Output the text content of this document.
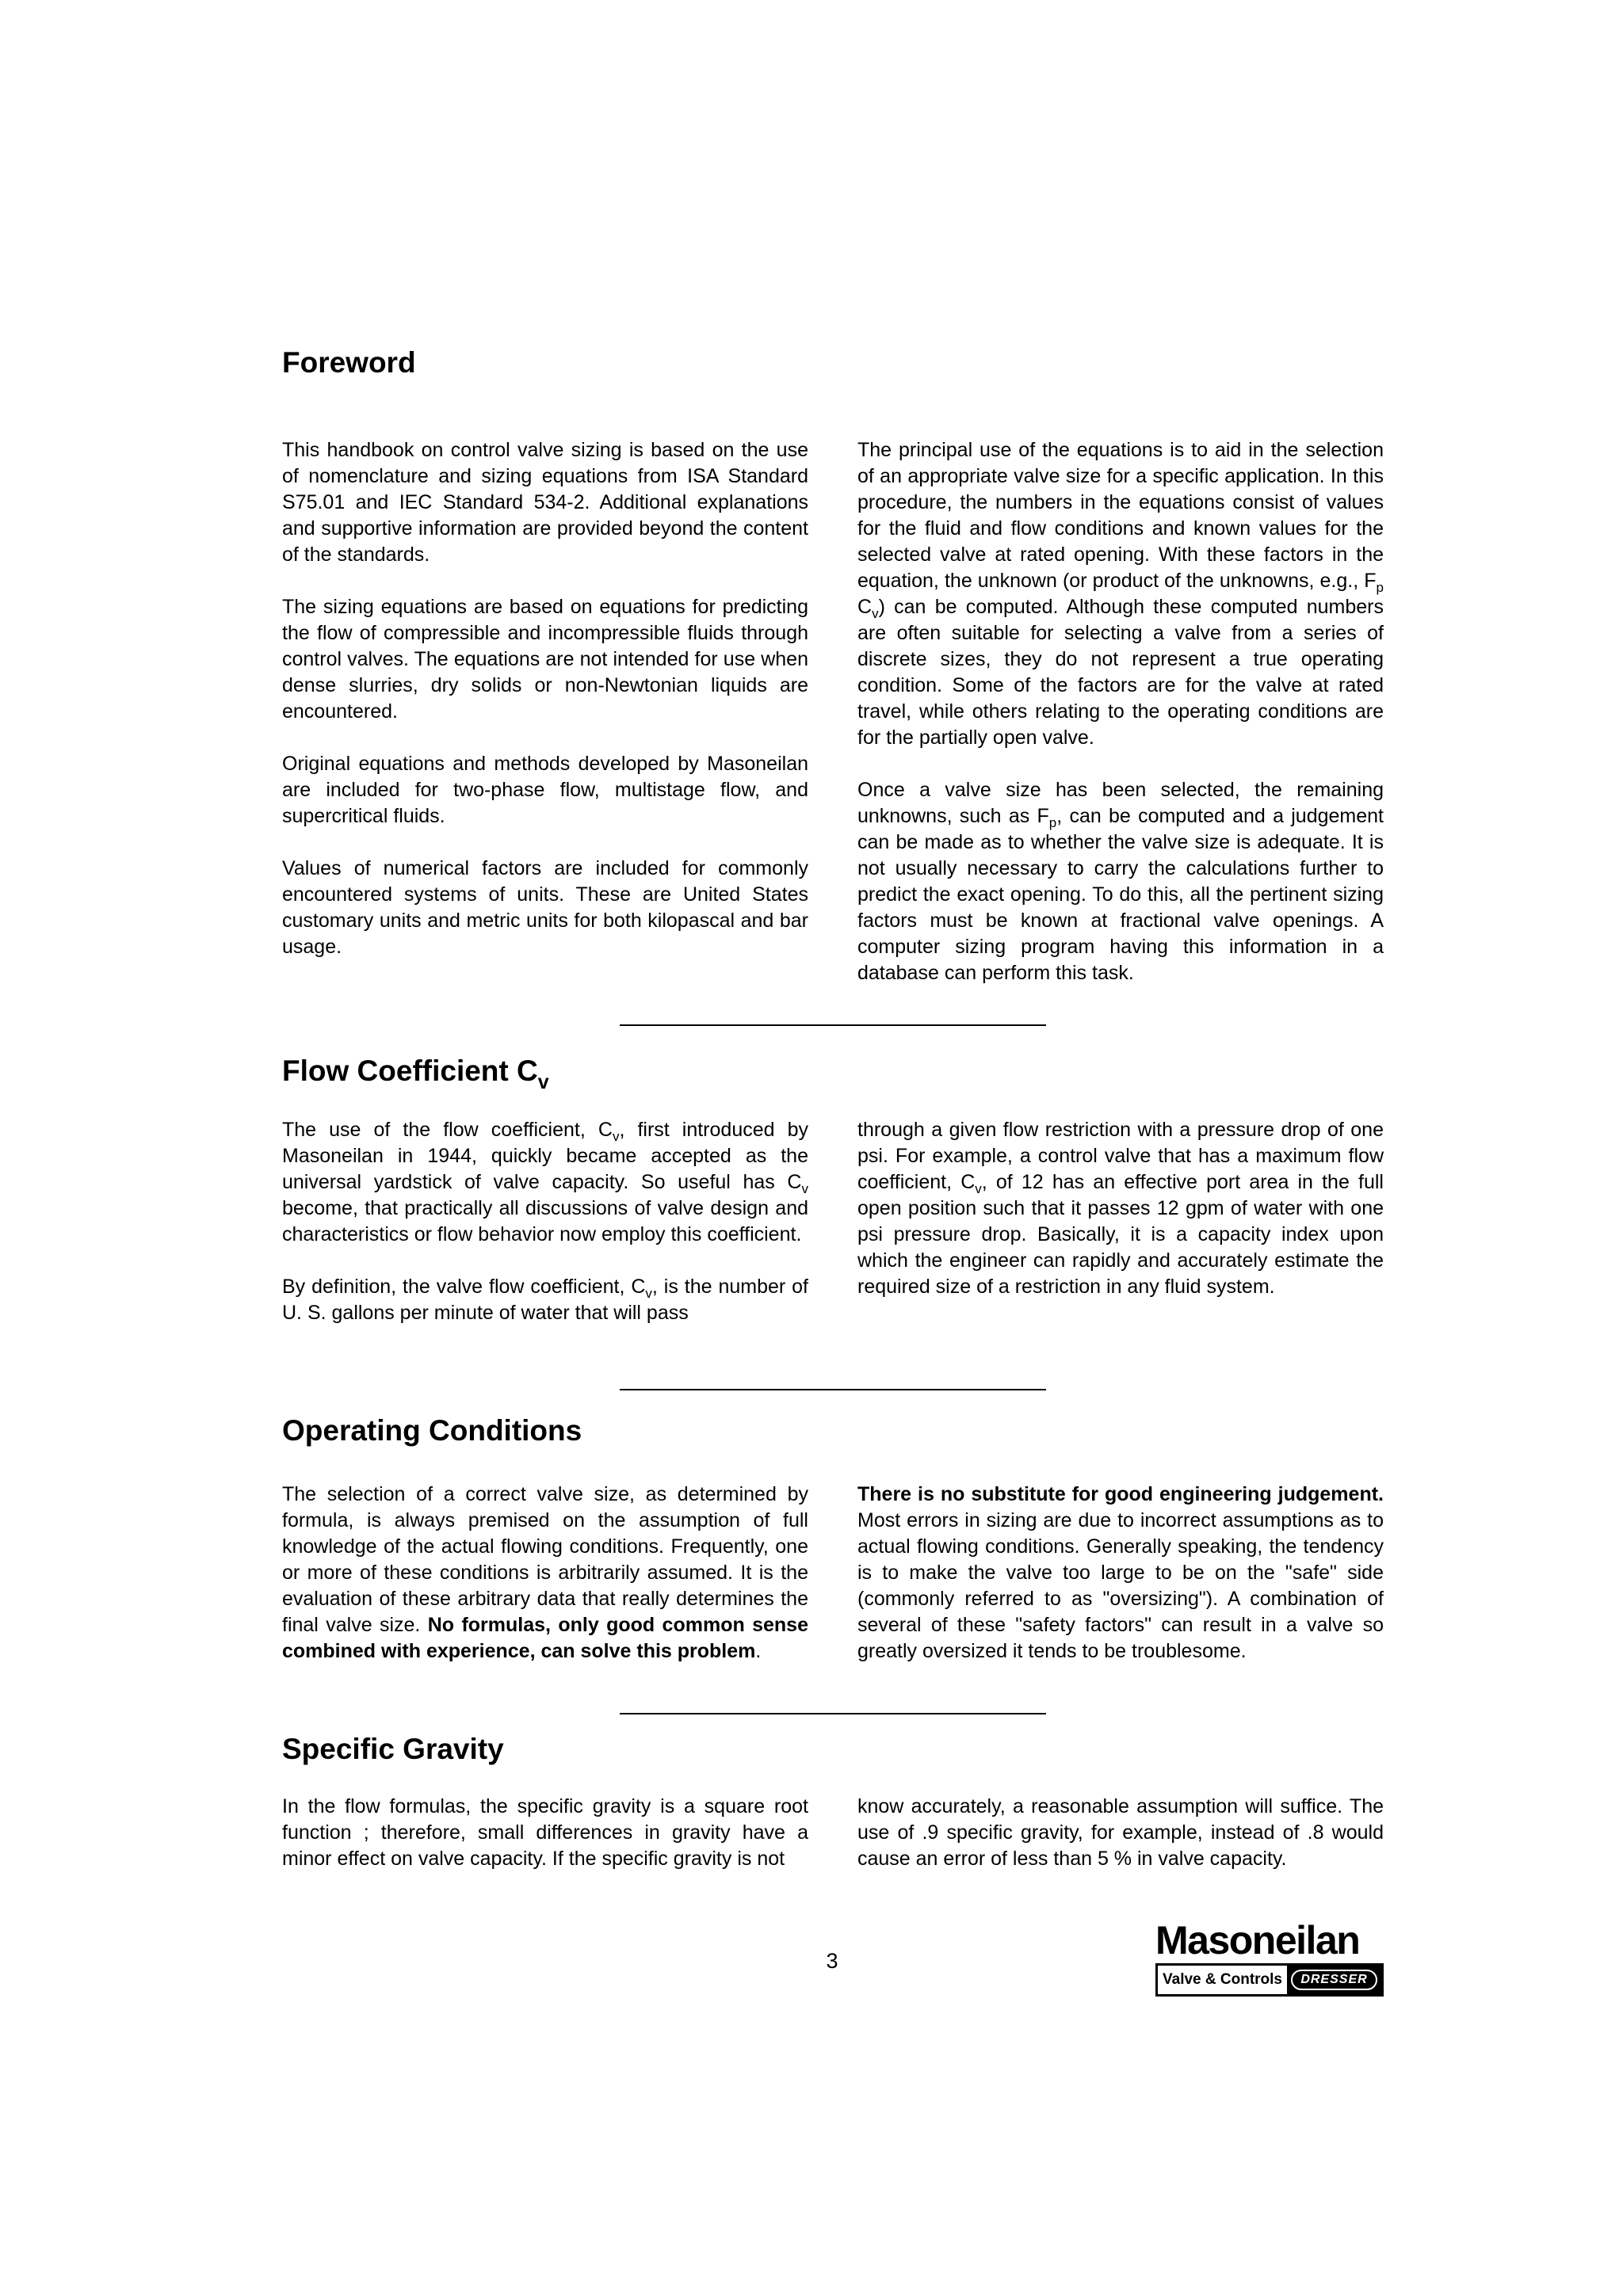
Foreword

This handbook on control valve sizing is based on the use of nomenclature and sizing equations from ISA Standard S75.01 and IEC Standard 534-2. Additional explanations and supportive information are provided beyond the content of the standards.

The sizing equations are based on equations for predicting the flow of compressible and incompressible fluids through control valves. The equations are not intended for use when dense slurries, dry solids or non-Newtonian liquids are encountered.

Original equations and methods developed by Masoneilan are included for two-phase flow, multistage flow, and supercritical fluids.

Values of numerical factors are included for commonly encountered systems of units. These are United States customary units and metric units for both kilopascal and bar usage.

The principal use of the equations is to aid in the selection of an appropriate valve size for a specific application. In this procedure, the numbers in the equations consist of values for the fluid and flow conditions and known values for the selected valve at rated opening. With these factors in the equation, the unknown (or product of the unknowns, e.g., $F_p$ $C_v$) can be computed. Although these computed numbers are often suitable for selecting a valve from a series of discrete sizes, they do not represent a true operating condition. Some of the factors are for the valve at rated travel, while others relating to the operating conditions are for the partially open valve.

Once a valve size has been selected, the remaining unknowns, such as $F_p$, can be computed and a judgement can be made as to whether the valve size is adequate. It is not usually necessary to carry the calculations further to predict the exact opening. To do this, all the pertinent sizing factors must be known at fractional valve openings. A computer sizing program having this information in a database can perform this task.

Flow Coefficient $C_v$

The use of the flow coefficient, $C_v$, first introduced by Masoneilan in 1944, quickly became accepted as the universal yardstick of valve capacity. So useful has $C_v$ become, that practically all discussions of valve design and characteristics or flow behavior now employ this coefficient.

By definition, the valve flow coefficient, $C_v$, is the number of U. S. gallons per minute of water that will pass

through a given flow restriction with a pressure drop of one psi. For example, a control valve that has a maximum flow coefficient, $C_v$, of 12 has an effective port area in the full open position such that it passes 12 gpm of water with one psi pressure drop. Basically, it is a capacity index upon which the engineer can rapidly and accurately estimate the required size of a restriction in any fluid system.

Operating Conditions

The selection of a correct valve size, as determined by formula, is always premised on the assumption of full knowledge of the actual flowing conditions. Frequently, one or more of these conditions is arbitrarily assumed. It is the evaluation of these arbitrary data that really determines the final valve size. No formulas, only good common sense combined with experience, can solve this problem.

There is no substitute for good engineering judgement. Most errors in sizing are due to incorrect assumptions as to actual flowing conditions. Generally speaking, the tendency is to make the valve too large to be on the "safe" side (commonly referred to as "oversizing"). A combination of several of these "safety factors" can result in a valve so greatly oversized it tends to be troublesome.

Specific Gravity

In the flow formulas, the specific gravity is a square root function ; therefore, small differences in gravity have a minor effect on valve capacity. If the specific gravity is not

know accurately, a reasonable assumption will suffice. The use of .9 specific gravity, for example, instead of .8 would cause an error of less than 5 % in valve capacity.

3	Masoneilan
Valve & Controls	DRESSER
